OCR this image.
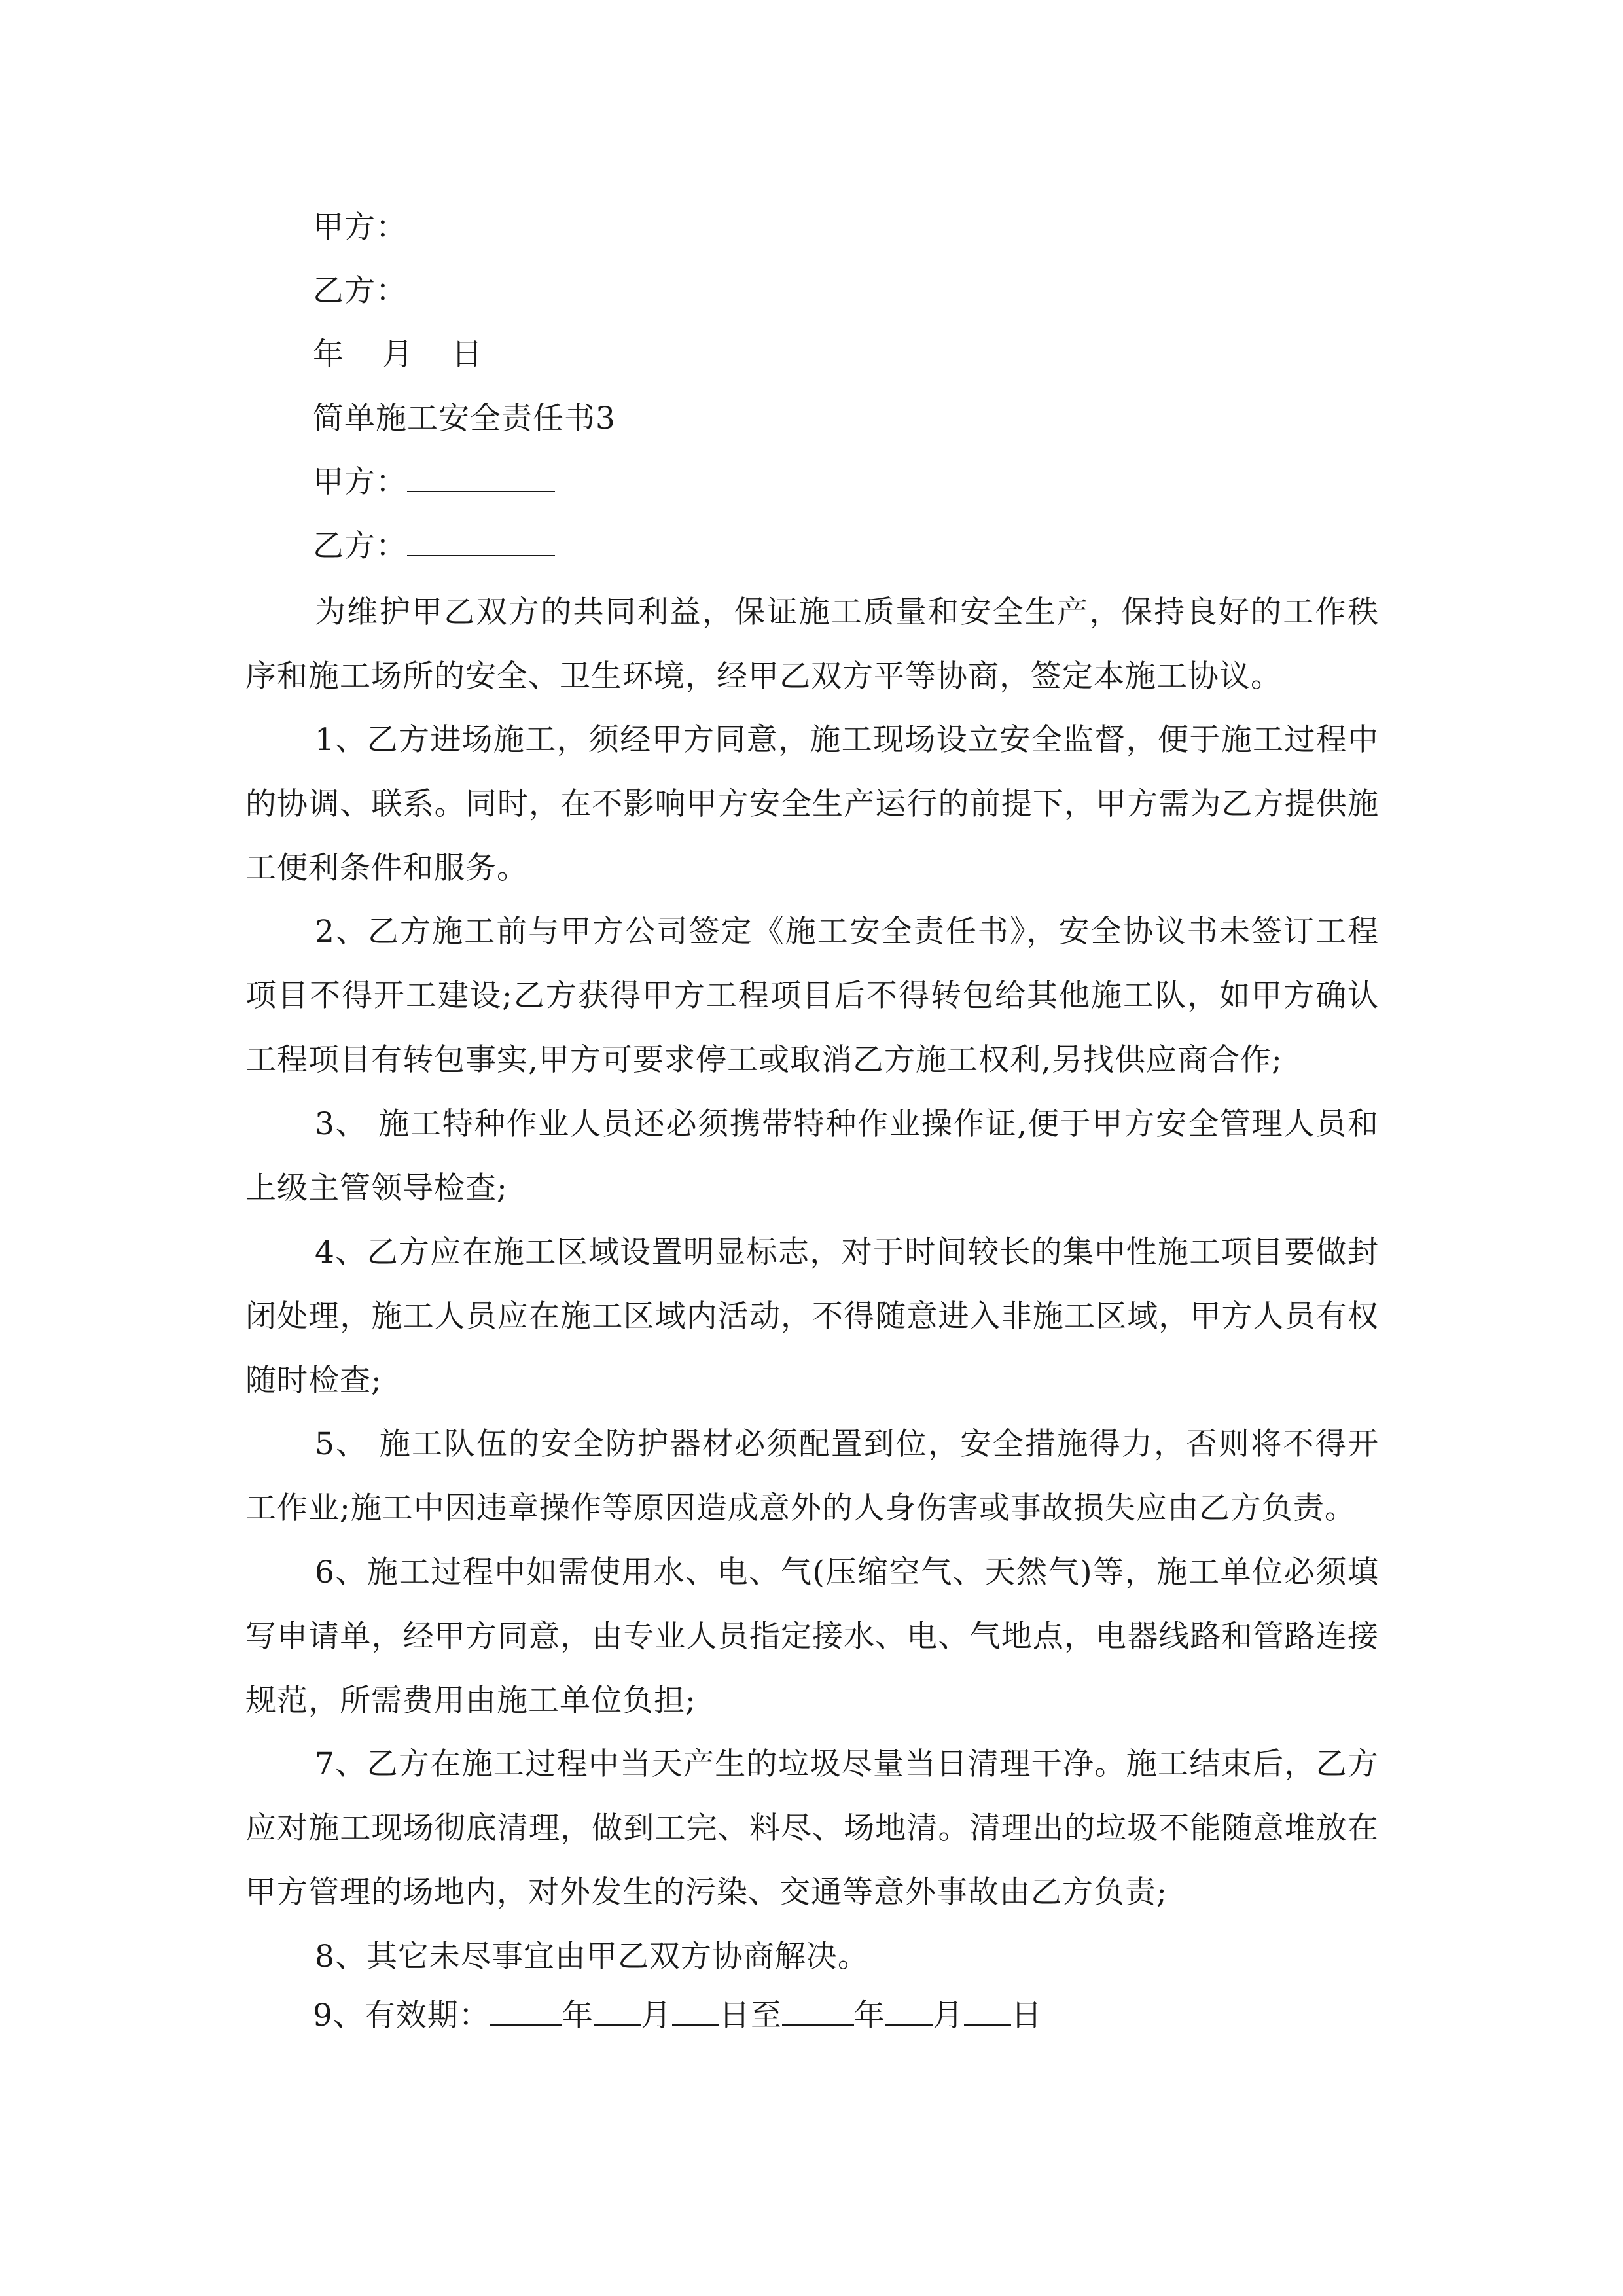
甲方：
乙方：
年 月 日
简单施工安全责任书3
甲方：
乙方：
为维护甲乙双方的共同利益，保证施工质量和安全生产，保持良好的工作秩序和施工场所的安全、卫生环境，经甲乙双方平等协商，签定本施工协议。
1、乙方进场施工，须经甲方同意，施工现场设立安全监督，便于施工过程中的协调、联系。同时，在不影响甲方安全生产运行的前提下，甲方需为乙方提供施工便利条件和服务。
2、乙方施工前与甲方公司签定《施工安全责任书》，安全协议书未签订工程项目不得开工建设;乙方获得甲方工程项目后不得转包给其他施工队，如甲方确认工程项目有转包事实,甲方可要求停工或取消乙方施工权利,另找供应商合作;
3、 施工特种作业人员还必须携带特种作业操作证,便于甲方安全管理人员和上级主管领导检查;
4、乙方应在施工区域设置明显标志，对于时间较长的集中性施工项目要做封闭处理，施工人员应在施工区域内活动，不得随意进入非施工区域，甲方人员有权随时检查;
5、 施工队伍的安全防护器材必须配置到位，安全措施得力，否则将不得开工作业;施工中因违章操作等原因造成意外的人身伤害或事故损失应由乙方负责。
6、施工过程中如需使用水、电、气(压缩空气、天然气)等，施工单位必须填写申请单，经甲方同意，由专业人员指定接水、电、气地点，电器线路和管路连接规范，所需费用由施工单位负担;
7、乙方在施工过程中当天产生的垃圾尽量当日清理干净。施工结束后，乙方应对施工现场彻底清理，做到工完、料尽、场地清。清理出的垃圾不能随意堆放在甲方管理的场地内，对外发生的污染、交通等意外事故由乙方负责;
8、其它未尽事宜由甲乙双方协商解决。
9、有效期： 年 月 日至 年 月 日
